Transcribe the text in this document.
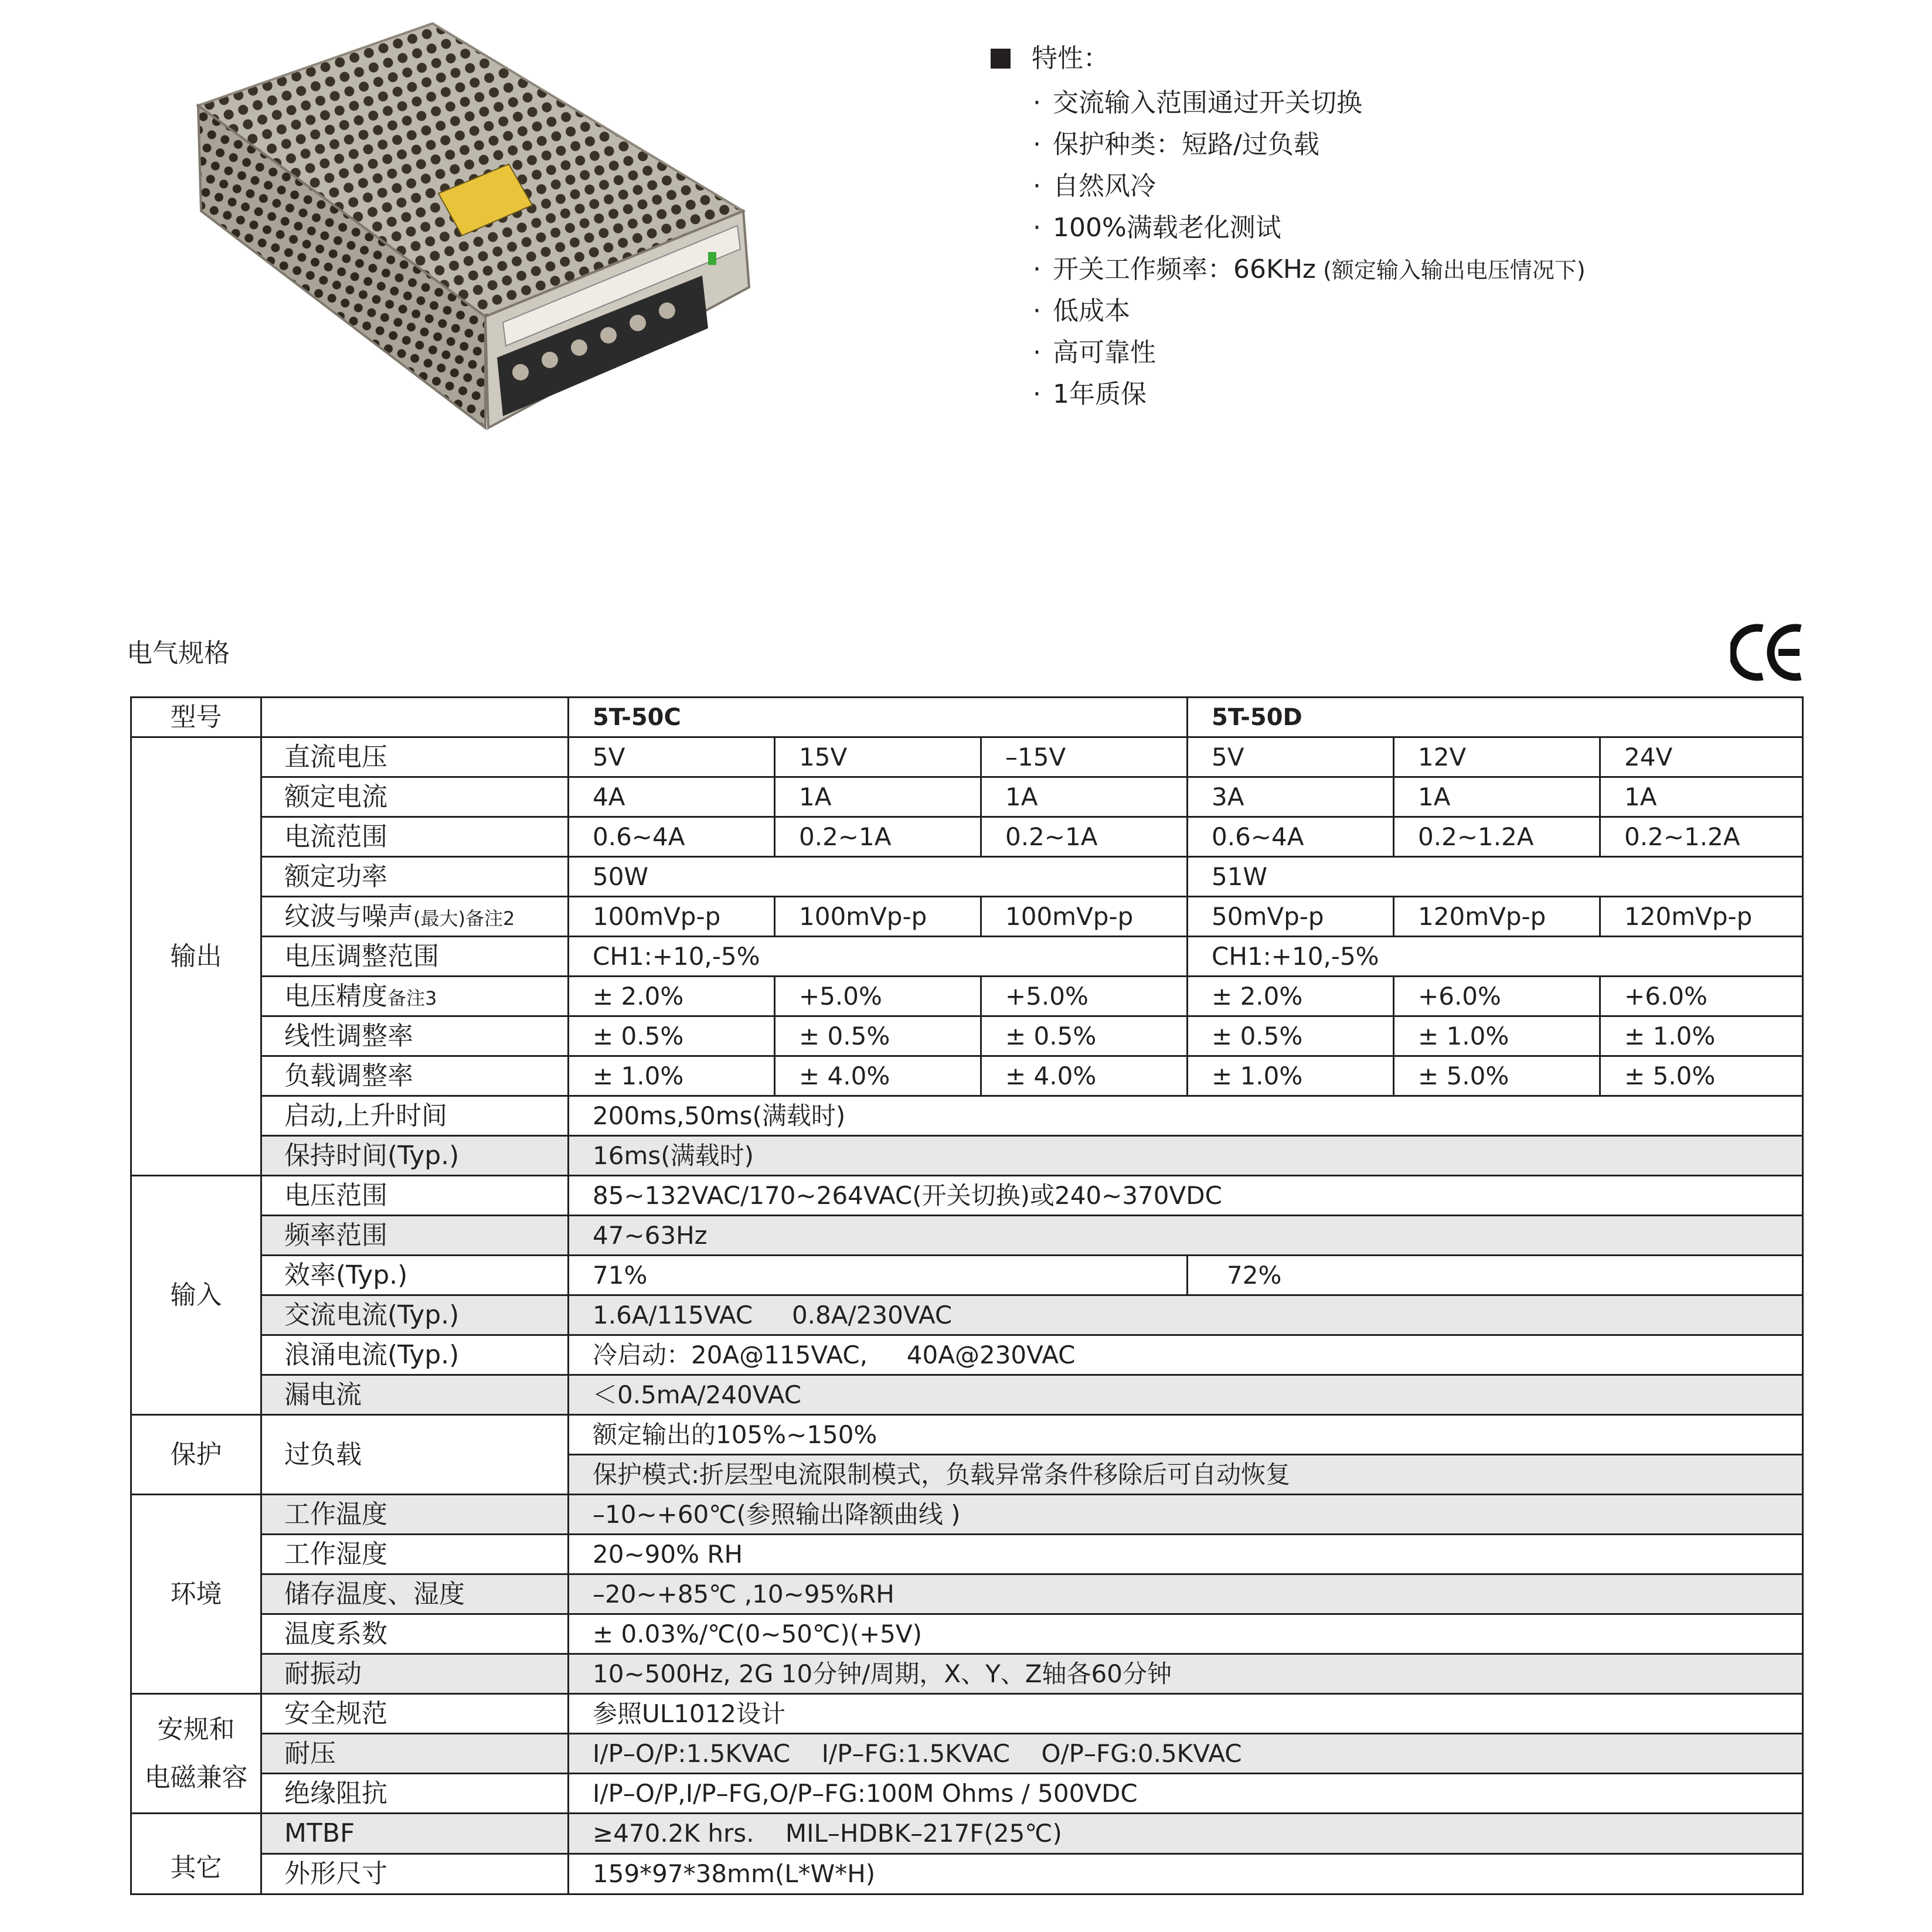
特性：
· 交流输入范围通过开关切换
· 保护种类：短路/过负载
· 自然风冷
· 100%满载老化测试
· 开关工作频率：66KHz (额定输入输出电压情况下)
· 低成本
· 高可靠性
· 1年质保
电气规格
型号		5T-50C			5T-50D		
输出	直流电压	5V	15V	–15V	5V	12V	24V
	额定电流	4A	1A	1A	3A	1A	1A
	电流范围	0.6~4A	0.2~1A	0.2~1A	0.6~4A	0.2~1.2A	0.2~1.2A
	额定功率	50W			51W		
	纹波与噪声(最大)备注2	100mVp-p	100mVp-p	100mVp-p	50mVp-p	120mVp-p	120mVp-p
	电压调整范围	CH1:+10,-5%			CH1:+10,-5%		
	电压精度备注3	± 2.0%	+5.0%	+5.0%	± 2.0%	+6.0%	+6.0%
	线性调整率	± 0.5%	± 0.5%	± 0.5%	± 0.5%	± 1.0%	± 1.0%
	负载调整率	± 1.0%	± 4.0%	± 4.0%	± 1.0%	± 5.0%	± 5.0%
	启动,上升时间	200ms,50ms(满载时)					
	保持时间(Typ.)	16ms(满载时)					
输入	电压范围	85~132VAC/170~264VAC(开关切换)或240~370VDC					
	频率范围	47~63Hz					
	效率(Typ.)	71%			72%		
	交流电流(Typ.)	1.6A/115VAC     0.8A/230VAC					
	浪涌电流(Typ.)	冷启动：20A@115VAC,     40A@230VAC					
	漏电流	＜0.5mA/240VAC					
保护	过负载	额定输出的105%~150%					
		保护模式:折层型电流限制模式，负载异常条件移除后可自动恢复					
环境	工作温度	–10~+60℃(参照输出降额曲线 )					
	工作湿度	20~90% RH					
	储存温度、湿度	–20~+85℃ ,10~95%RH					
	温度系数	± 0.03%/℃(0~50℃)(+5V)					
	耐振动	10~500Hz, 2G 10分钟/周期，X、Y、Z轴各60分钟					

安规和
电磁兼容	安全规范	参照UL1012设计					
	耐压	I/P–O/P:1.5KVAC    I/P–FG:1.5KVAC    O/P–FG:0.5KVAC					
	绝缘阻抗	I/P–O/P,I/P–FG,O/P–FG:100M Ohms / 500VDC					
其它	MTBF	≥470.2K hrs.    MIL–HDBK–217F(25℃)					
	外形尺寸	159*97*38mm(L*W*H)					
